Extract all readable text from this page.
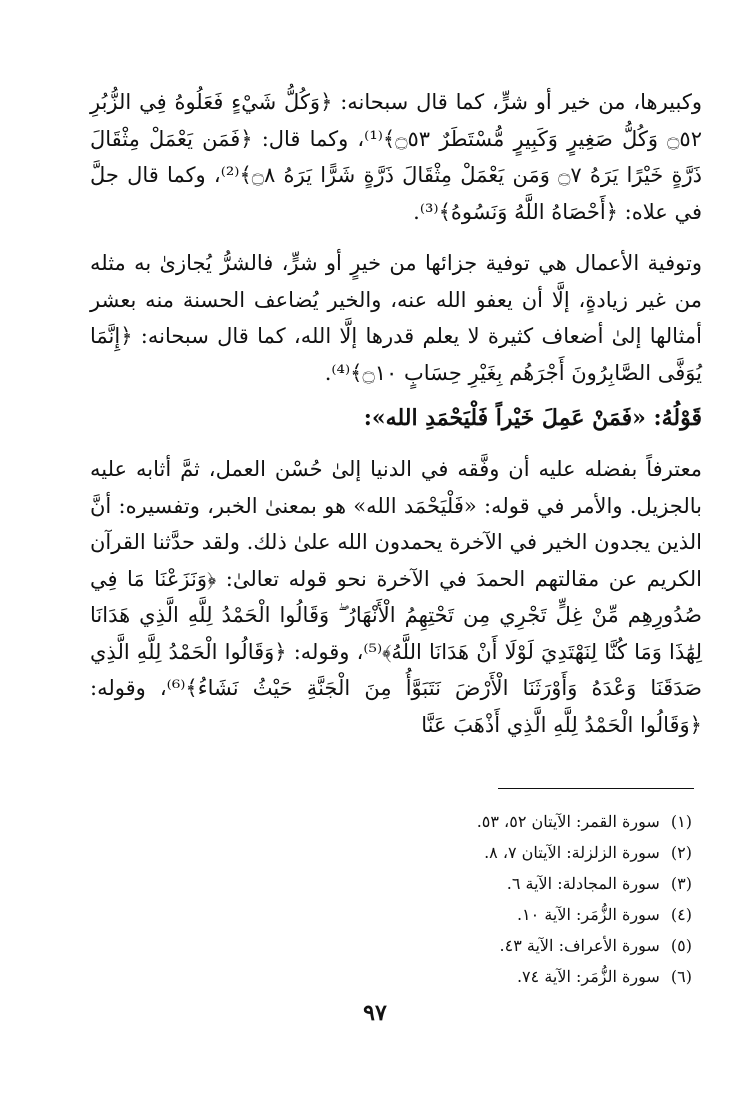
وكبيرها، من خير أو شرٍّ، كما قال سبحانه: ﴿وَكُلُّ شَيْءٍ فَعَلُوهُ فِي الزُّبُرِ ۝٥٢ وَكُلُّ صَغِيرٍ وَكَبِيرٍ مُّسْتَطَرٌ ۝٥٣﴾⁽¹⁾، وكما قال: ﴿فَمَن يَعْمَلْ مِثْقَالَ ذَرَّةٍ خَيْرًا يَرَهُ ۝٧ وَمَن يَعْمَلْ مِثْقَالَ ذَرَّةٍ شَرًّا يَرَهُ ۝٨﴾⁽²⁾، وكما قال جلَّ في علاه: ﴿أَحْصَاهُ اللَّهُ وَنَسُوهُ﴾⁽³⁾.

وتوفية الأعمال هي توفية جزائها من خيرٍ أو شرٍّ، فالشرُّ يُجازىٰ به مثله من غير زيادةٍ، إلَّا أن يعفو الله عنه، والخير يُضاعف الحسنة منه بعشر أمثالها إلىٰ أضعاف كثيرة لا يعلم قدرها إلَّا الله، كما قال سبحانه: ﴿إِنَّمَا يُوَفَّى الصَّابِرُونَ أَجْرَهُم بِغَيْرِ حِسَابٍ ۝١٠﴾⁽⁴⁾.

قَوْلُهُ: «فَمَنْ عَمِلَ خَيْراً فَلْيَحْمَدِ الله»:

معترفاً بفضله عليه أن وفَّقه في الدنيا إلىٰ حُسْن العمل، ثمَّ أثابه عليه بالجزيل. والأمر في قوله: «فَلْيَحْمَد الله» هو بمعنىٰ الخبر، وتفسيره: أنَّ الذين يجدون الخير في الآخرة يحمدون الله علىٰ ذلك. ولقد حدَّثنا القرآن الكريم عن مقالتهم الحمدَ في الآخرة نحو قوله تعالىٰ: ﴿وَنَزَعْنَا مَا فِي صُدُورِهِم مِّنْ غِلٍّ تَجْرِي مِن تَحْتِهِمُ الْأَنْهَارُ ۖ وَقَالُوا الْحَمْدُ لِلَّهِ الَّذِي هَدَانَا لِهَٰذَا وَمَا كُنَّا لِنَهْتَدِيَ لَوْلَا أَنْ هَدَانَا اللَّهُ﴾⁽⁵⁾، وقوله: ﴿وَقَالُوا الْحَمْدُ لِلَّهِ الَّذِي صَدَقَنَا وَعْدَهُ وَأَوْرَثَنَا الْأَرْضَ نَتَبَوَّأُ مِنَ الْجَنَّةِ حَيْثُ نَشَاءُ﴾⁽⁶⁾، وقوله: ﴿وَقَالُوا الْحَمْدُ لِلَّهِ الَّذِي أَذْهَبَ عَنَّا

(١) سورة القمر: الآيتان ٥٢، ٥٣.
(٢) سورة الزلزلة: الآيتان ٧، ٨.
(٣) سورة المجادلة: الآية ٦.
(٤) سورة الزُّمَر: الآية ١٠.
(٥) سورة الأعراف: الآية ٤٣.
(٦) سورة الزُّمَر: الآية ٧٤.
٩٧
